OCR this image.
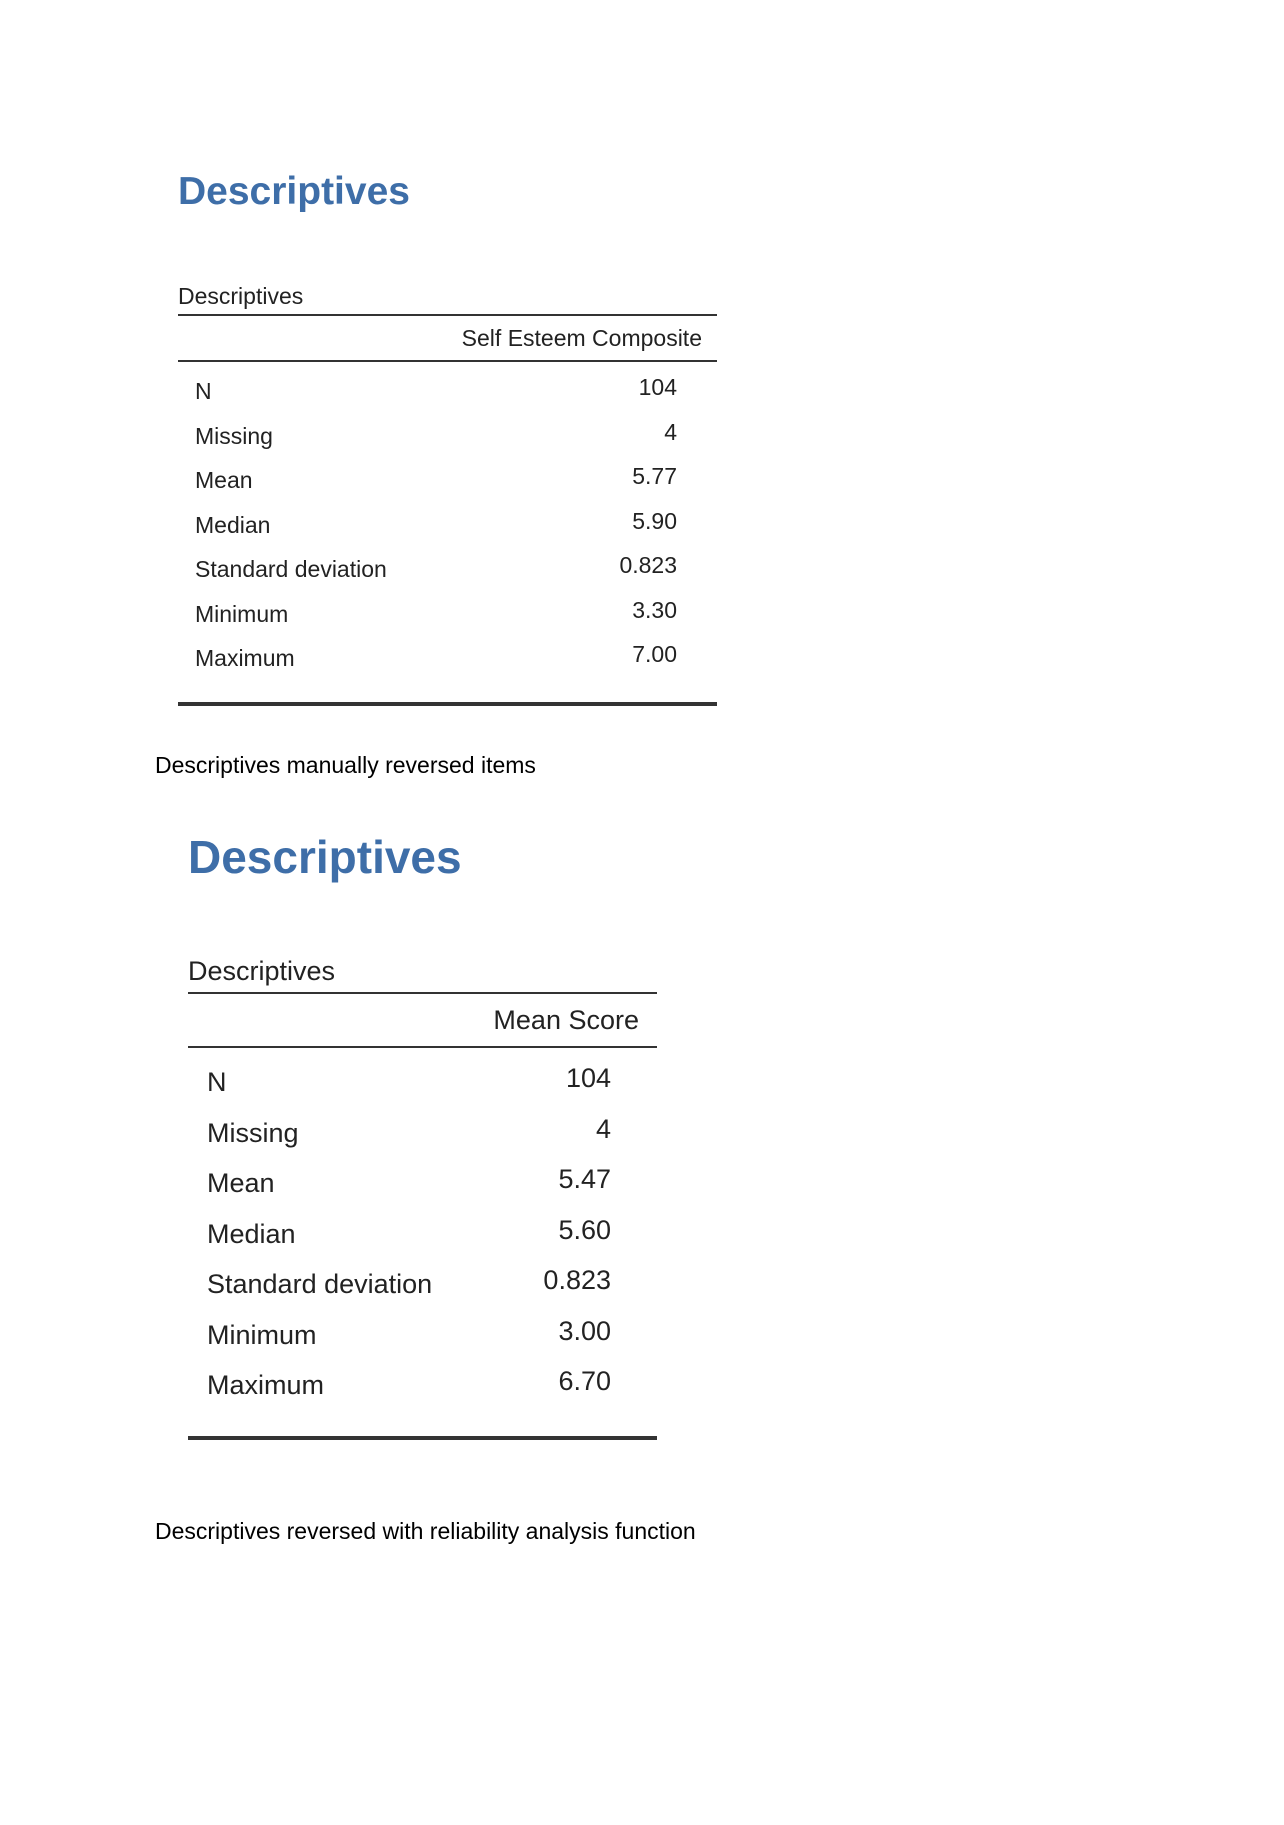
Descriptives
Descriptives
Self Esteem Composite
N	104
Missing	4
Mean	5.77
Median	5.90
Standard deviation	0.823
Minimum	3.30
Maximum	7.00
Descriptives manually reversed items
Descriptives
Descriptives
Mean Score
N	104
Missing	4
Mean	5.47
Median	5.60
Standard deviation	0.823
Minimum	3.00
Maximum	6.70
Descriptives reversed with reliability analysis function
